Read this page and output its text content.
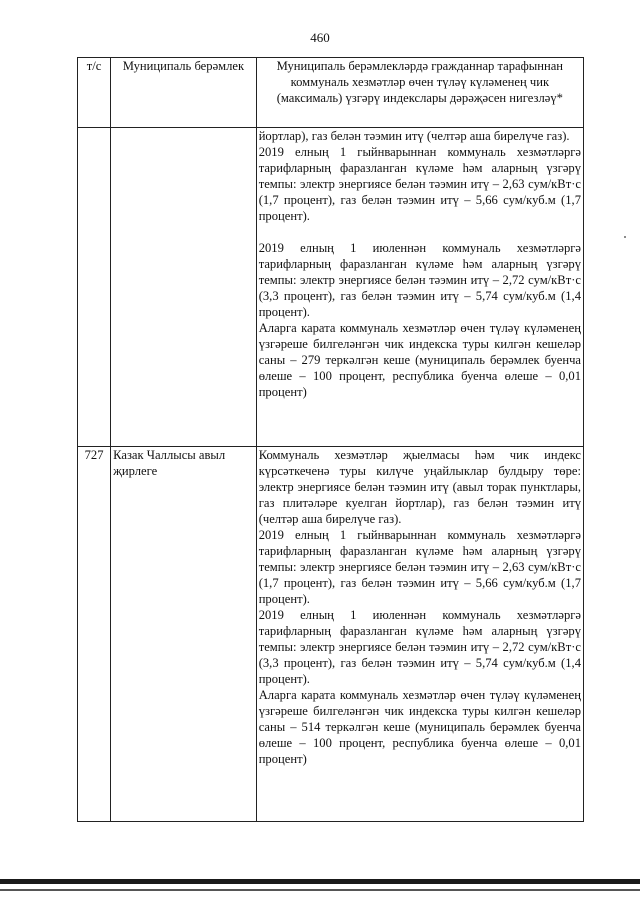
460
т/с	Муниципаль берәмлек	Муниципаль берәмлекләрдә гражданнар тарафыннан коммуналь хезмәтләр өчен түләү күләменең чик (максималь) үзгәрү индекслары дәрәҗәсен нигезләү*

		йортлар), газ белән тәэмин итү (челтәр аша бирелүче газ).
2019 елның 1 гыйнварыннан коммуналь хезмәтләргә тарифларның фаразланган күләме һәм аларның үзгәрү темпы: электр энергиясе белән тәэмин итү – 2,63 сум/кВт·с (1,7 процент), газ белән тәэмин итү – 5,66 сум/куб.м (1,7 процент).
2019 елның 1 июленнән коммуналь хезмәтләргә тарифларның фаразланган күләме һәм аларның үзгәрү темпы: электр энергиясе белән тәэмин итү – 2,72 сум/кВт·с (3,3 процент), газ белән тәэмин итү – 5,74 сум/куб.м (1,4 процент).
Аларга карата коммуналь хезмәтләр өчен түләү күләменең үзгәреше билгеләнгән чик индекска туры килгән кешеләр саны – 279 теркәлгән кеше (муниципаль берәмлек буенча өлеше – 100 процент, республика буенча өлеше – 0,01 процент)

727	Казак Чаллысы авыл җирлеге	Коммуналь хезмәтләр җыелмасы һәм чик индекс күрсәткеченә туры килүче уңайлыклар булдыру төре: электр энергиясе белән тәэмин итү (авыл торак пунктлары, газ плитәләре куелган йортлар), газ белән тәэмин итү (челтәр аша бирелүче газ).
2019 елның 1 гыйнварыннан коммуналь хезмәтләргә тарифларның фаразланган күләме һәм аларның үзгәрү темпы: электр энергиясе белән тәэмин итү – 2,63 сум/кВт·с (1,7 процент), газ белән тәэмин итү – 5,66 сум/куб.м (1,7 процент).
2019 елның 1 июленнән коммуналь хезмәтләргә тарифларның фаразланган күләме һәм аларның үзгәрү темпы: электр энергиясе белән тәэмин итү – 2,72 сум/кВт·с (3,3 процент), газ белән тәэмин итү – 5,74 сум/куб.м (1,4 процент).
Аларга карата коммуналь хезмәтләр өчен түләү күләменең үзгәреше билгеләнгән чик индекска туры килгән кешеләр саны – 514 теркәлгән кеше (муниципаль берәмлек буенча өлеше – 100 процент, республика буенча өлеше – 0,01 процент)
